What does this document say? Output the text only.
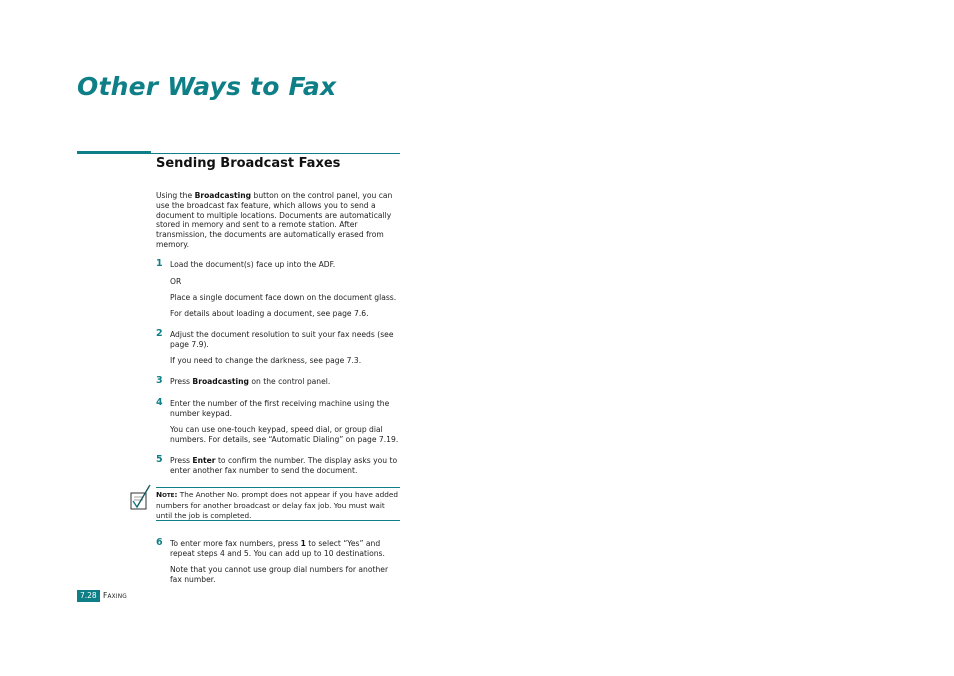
Other Ways to Fax
Sending Broadcast Faxes

Using the Broadcasting button on the control panel, you can use the broadcast fax feature, which allows you to send a document to multiple locations. Documents are automatically stored in memory and sent to a remote station. After transmission, the documents are automatically erased from memory.

1 Load the document(s) face up into the ADF.

OR

Place a single document face down on the document glass.

For details about loading a document, see page 7.6.

2 Adjust the document resolution to suit your fax needs (see page 7.9).

If you need to change the darkness, see page 7.3.

3 Press Broadcasting on the control panel.

4 Enter the number of the first receiving machine using the number keypad.

You can use one-touch keypad, speed dial, or group dial numbers. For details, see “Automatic Dialing” on page 7.19.

5 Press Enter to confirm the number. The display asks you to enter another fax number to send the document.

NOTE: The Another No. prompt does not appear if you have added numbers for another broadcast or delay fax job. You must wait until the job is completed.

6 To enter more fax numbers, press 1 to select “Yes” and repeat steps 4 and 5. You can add up to 10 destinations.

Note that you cannot use group dial numbers for another fax number.

7.28 FAXING
